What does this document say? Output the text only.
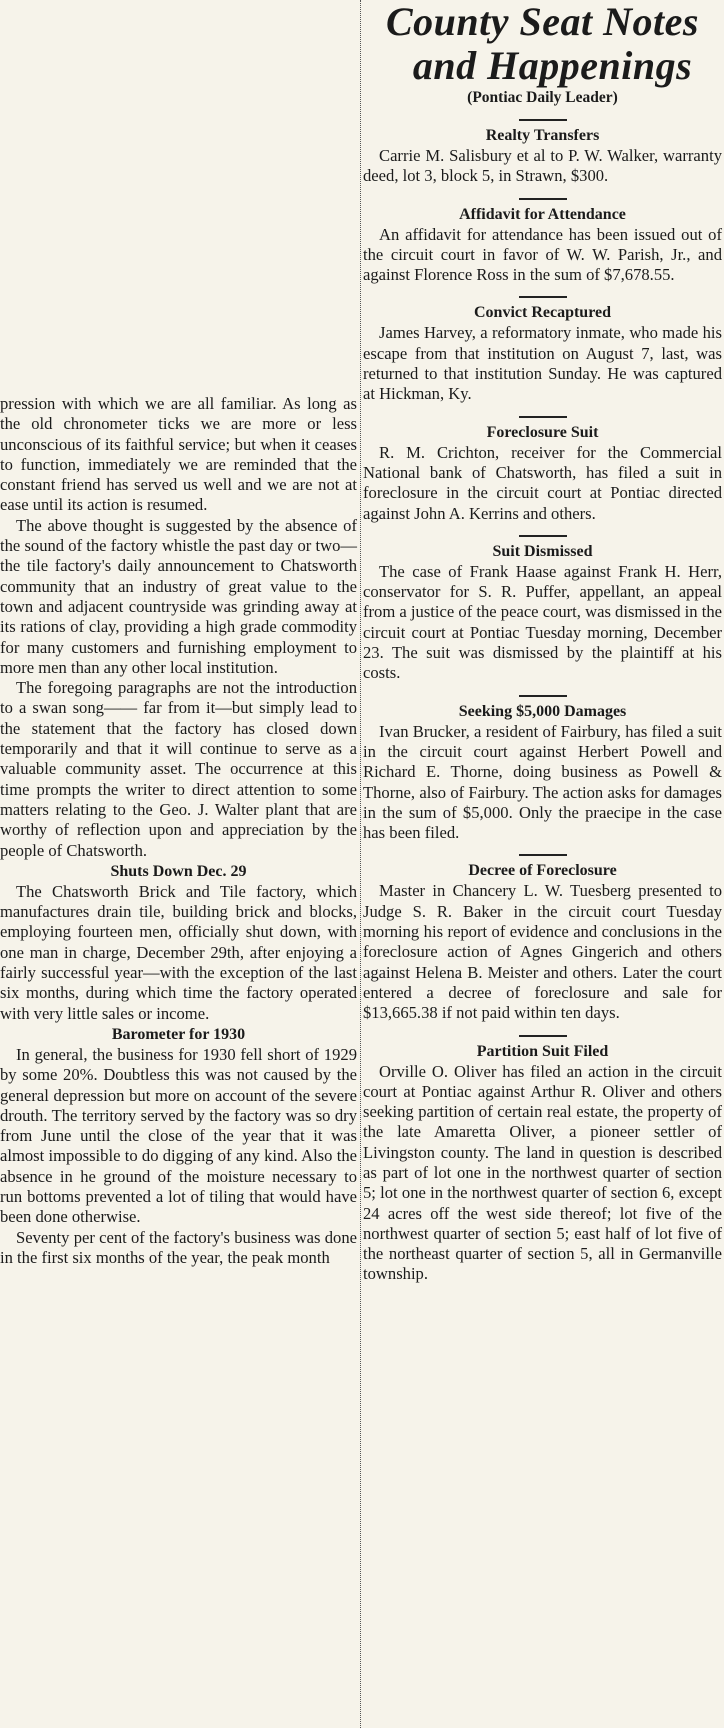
pression with which we are all familiar. As long as the old chronometer ticks we are more or less unconscious of its faithful service; but when it ceases to function, immediately we are reminded that the constant friend has served us well and we are not at ease until its action is resumed.

The above thought is suggested by the absence of the sound of the factory whistle the past day or two— the tile factory's daily announcement to Chatsworth community that an industry of great value to the town and adjacent countryside was grinding away at its rations of clay, providing a high grade commodity for many customers and furnishing employment to more men than any other local institution.

The foregoing paragraphs are not the introduction to a swan song—— far from it—but simply lead to the statement that the factory has closed down temporarily and that it will continue to serve as a valuable community asset. The occurrence at this time prompts the writer to direct attention to some matters relating to the Geo. J. Walter plant that are worthy of reflection upon and appreciation by the people of Chatsworth.

Shuts Down Dec. 29

The Chatsworth Brick and Tile factory, which manufactures drain tile, building brick and blocks, employing fourteen men, officially shut down, with one man in charge, December 29th, after enjoying a fairly successful year—with the exception of the last six months, during which time the factory operated with very little sales or income.

Barometer for 1930

In general, the business for 1930 fell short of 1929 by some 20%. Doubtless this was not caused by the general depression but more on account of the severe drouth. The territory served by the factory was so dry from June until the close of the year that it was almost impossible to do digging of any kind. Also the absence in he ground of the moisture necessary to run bottoms prevented a lot of tiling that would have been done otherwise.

Seventy per cent of the factory's business was done in the first six months of the year, the peak month

County Seat Notes
and Happenings
(Pontiac Daily Leader)
Realty Transfers

Carrie M. Salisbury et al to P. W. Walker, warranty deed, lot 3, block 5, in Strawn, $300.

Affidavit for Attendance

An affidavit for attendance has been issued out of the circuit court in favor of W. W. Parish, Jr., and against Florence Ross in the sum of $7,678.55.

Convict Recaptured

James Harvey, a reformatory inmate, who made his escape from that institution on August 7, last, was returned to that institution Sunday. He was captured at Hickman, Ky.

Foreclosure Suit

R. M. Crichton, receiver for the Commercial National bank of Chatsworth, has filed a suit in foreclosure in the circuit court at Pontiac directed against John A. Kerrins and others.

Suit Dismissed

The case of Frank Haase against Frank H. Herr, conservator for S. R. Puffer, appellant, an appeal from a justice of the peace court, was dismissed in the circuit court at Pontiac Tuesday morning, December 23. The suit was dismissed by the plaintiff at his costs.

Seeking $5,000 Damages

Ivan Brucker, a resident of Fairbury, has filed a suit in the circuit court against Herbert Powell and Richard E. Thorne, doing business as Powell & Thorne, also of Fairbury. The action asks for damages in the sum of $5,000. Only the praecipe in the case has been filed.

Decree of Foreclosure

Master in Chancery L. W. Tuesberg presented to Judge S. R. Baker in the circuit court Tuesday morning his report of evidence and conclusions in the foreclosure action of Agnes Gingerich and others against Helena B. Meister and others. Later the court entered a decree of foreclosure and sale for $13,665.38 if not paid within ten days.

Partition Suit Filed

Orville O. Oliver has filed an action in the circuit court at Pontiac against Arthur R. Oliver and others seeking partition of certain real estate, the property of the late Amaretta Oliver, a pioneer settler of Livingston county. The land in question is described as part of lot one in the northwest quarter of section 5; lot one in the northwest quarter of section 6, except 24 acres off the west side thereof; lot five of the northwest quarter of section 5; east half of lot five of the northeast quarter of section 5, all in Germanville township.
